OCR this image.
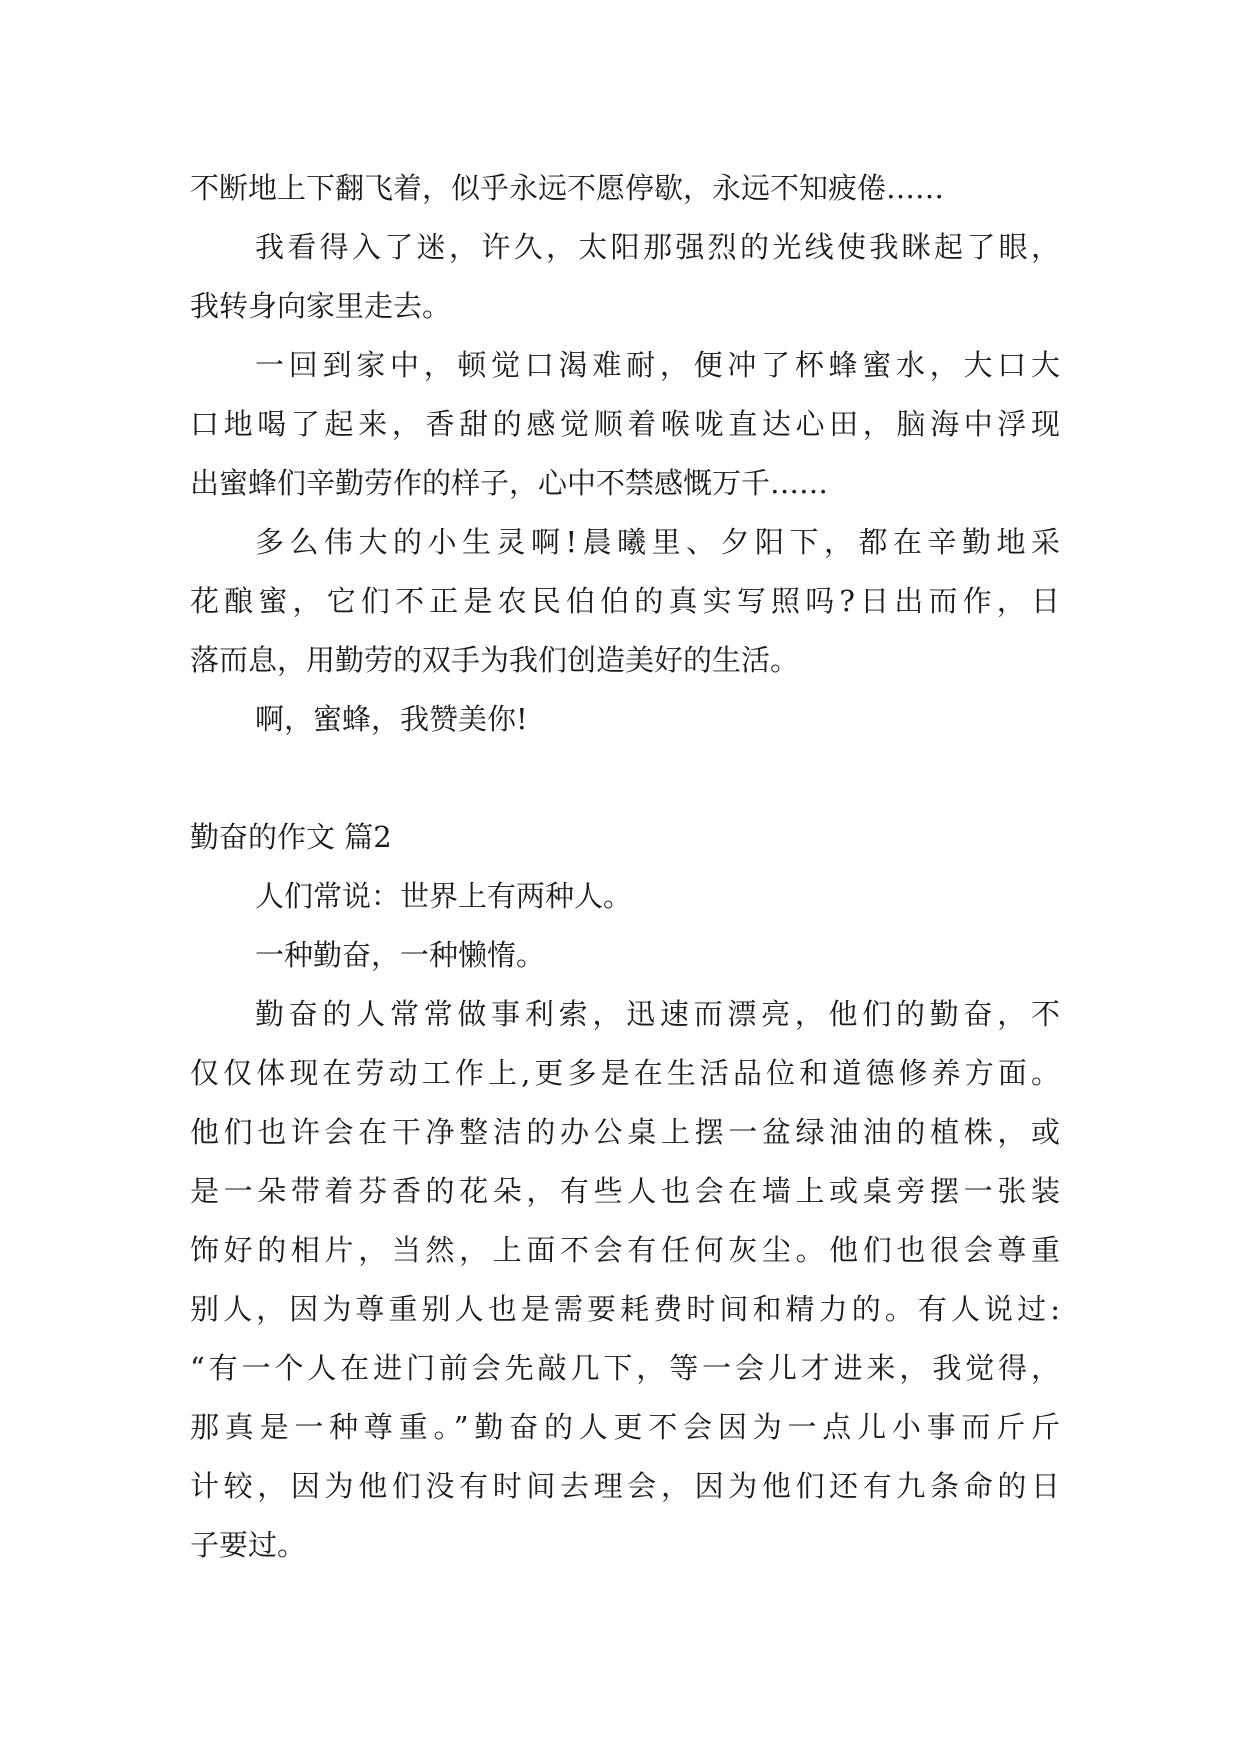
不断地上下翻飞着，似乎永远不愿停歇，永远不知疲倦……
我看得入了迷，许久，太阳那强烈的光线使我眯起了眼，
我转身向家里走去。
一回到家中，顿觉口渴难耐，便冲了杯蜂蜜水，大口大
口地喝了起来，香甜的感觉顺着喉咙直达心田，脑海中浮现
出蜜蜂们辛勤劳作的样子，心中不禁感慨万千……
多么伟大的小生灵啊!晨曦里、夕阳下，都在辛勤地采
花酿蜜，它们不正是农民伯伯的真实写照吗?日出而作，日
落而息，用勤劳的双手为我们创造美好的生活。
啊，蜜蜂，我赞美你!
勤奋的作文 篇2
人们常说：世界上有两种人。
一种勤奋，一种懒惰。
勤奋的人常常做事利索，迅速而漂亮，他们的勤奋，不
仅仅体现在劳动工作上,更多是在生活品位和道德修养方面。
他们也许会在干净整洁的办公桌上摆一盆绿油油的植株，或
是一朵带着芬香的花朵，有些人也会在墙上或桌旁摆一张装
饰好的相片，当然，上面不会有任何灰尘。他们也很会尊重
别人，因为尊重别人也是需要耗费时间和精力的。有人说过:
“有一个人在进门前会先敲几下，等一会儿才进来，我觉得，
那真是一种尊重。”勤奋的人更不会因为一点儿小事而斤斤
计较，因为他们没有时间去理会，因为他们还有九条命的日
子要过。
